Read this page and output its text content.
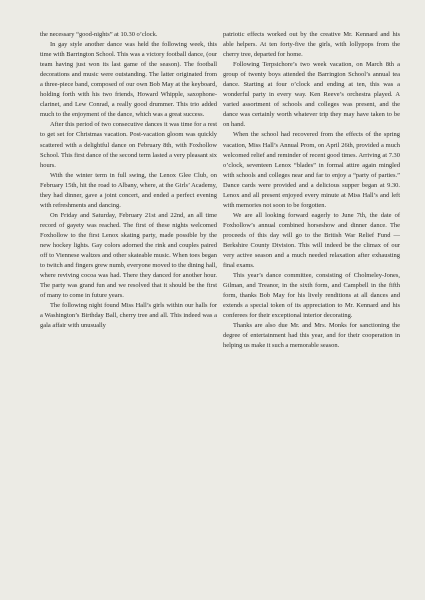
the necessary “good-nights” at 10.30 o’clock.

In gay style another dance was held the following week, this time with Barrington School. This was a victory football dance, (our team having just won its last game of the season). The football decorations and music were outstanding. The latter originated from a three-piece band, composed of our own Bob May at the keyboard, holding forth with his two friends, Howard Whipple, saxophone-clarinet, and Lew Conrad, a really good drummer. This trio added much to the enjoyment of the dance, which was a great success.

After this period of two consecutive dances it was time for a rest to get set for Christmas vacation. Post-vacation gloom was quickly scattered with a delightful dance on February 8th, with Foxhollow School. This first dance of the second term lasted a very pleasant six hours.

With the winter term in full swing, the Lenox Glee Club, on February 15th, hit the road to Albany, where, at the Girls’ Academy, they had dinner, gave a joint concert, and ended a perfect evening with refreshments and dancing.

On Friday and Saturday, February 21st and 22nd, an all time record of gayety was reached. The first of these nights welcomed Foxhollow to the first Lenox skating party, made possible by the new hockey lights. Gay colors adorned the rink and couples paired off to Viennese waltzes and other skateable music. When toes began to twitch and fingers grew numb, everyone moved to the dining hall, where reviving cocoa was had. There they danced for another hour. The party was grand fun and we resolved that it should be the first of many to come in future years.

The following night found Miss Hall’s girls within our halls for a Washington’s Birthday Ball, cherry tree and all. This indeed was a gala affair with unusually

patriotic effects worked out by the creative Mr. Kennard and his able helpers. At ten forty-five the girls, with lollypops from the cherry tree, departed for home.

Following Terpsichore’s two week vacation, on March 8th a group of twenty boys attended the Barrington School’s annual tea dance. Starting at four o’clock and ending at ten, this was a wonderful party in every way. Ken Reeve’s orchestra played. A varied assortment of schools and colleges was present, and the dance was certainly worth whatever trip they may have taken to be on hand.

When the school had recovered from the effects of the spring vacation, Miss Hall’s Annual Prom, on April 26th, provided a much welcomed relief and reminder of recent good times. Arriving at 7.30 o’clock, seventeen Lenox “blades” in formal attire again mingled with schools and colleges near and far to enjoy a “party of parties.” Dance cards were provided and a delicious supper began at 9.30. Lenox and all present enjoyed every minute at Miss Hall’s and left with memories not soon to be forgotten.

We are all looking forward eagerly to June 7th, the date of Foxhollow’s annual combined horseshow and dinner dance. The proceeds of this day will go to the British War Relief Fund — Berkshire County Division. This will indeed be the climax of our very active season and a much needed relaxation after exhausting final exams.

This year’s dance committee, consisting of Cholmeley-Jones, Gilman, and Treanor, in the sixth form, and Campbell in the fifth form, thanks Bob May for his lively renditions at all dances and extends a special token of its appreciation to Mr. Kennard and his conferees for their exceptional interior decorating.

Thanks are also due Mr. and Mrs. Monks for sanctioning the degree of entertainment had this year, and for their cooperation in helping us make it such a memorable season.
